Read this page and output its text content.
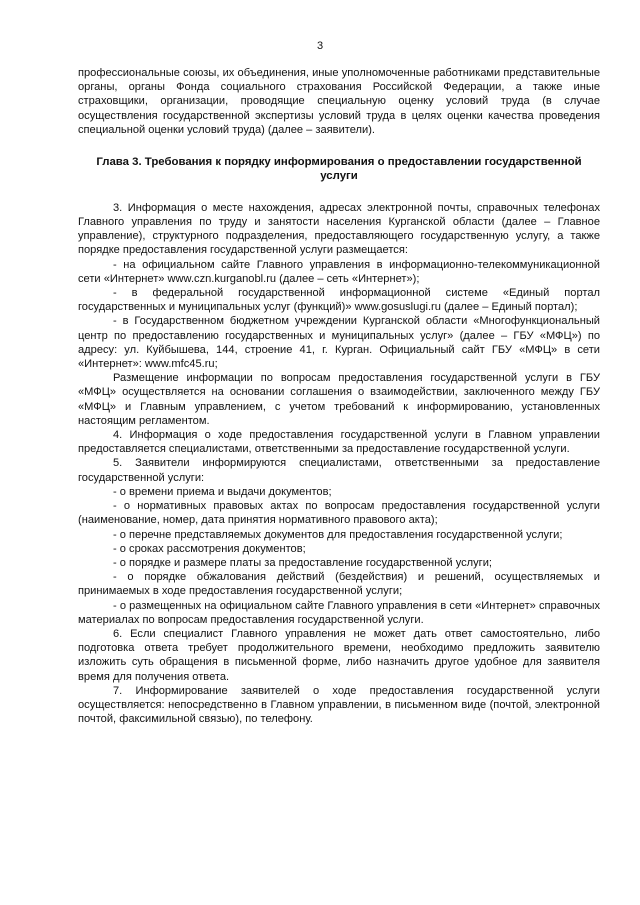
3

профессиональные союзы, их объединения, иные уполномоченные работниками представительные органы, органы Фонда социального страхования Российской Федерации, а также иные страховщики, организации, проводящие специальную оценку условий труда (в случае осуществления государственной экспертизы условий труда в целях оценки качества проведения специальной оценки условий труда) (далее – заявители).

Глава 3. Требования к порядку информирования о предоставлении государственной услуги

3. Информация о месте нахождения, адресах электронной почты, справочных телефонах Главного управления по труду и занятости населения Курганской области (далее – Главное управление), структурного подразделения, предоставляющего государственную услугу, а также порядке предоставления государственной услуги размещается:

- на официальном сайте Главного управления в информационно-телекоммуникационной сети «Интернет» www.czn.kurganobl.ru (далее – сеть «Интернет»);

- в федеральной государственной информационной системе «Единый портал государственных и муниципальных услуг (функций)» www.gosuslugi.ru (далее – Единый портал);

- в Государственном бюджетном учреждении Курганской области «Многофункциональный центр по предоставлению государственных и муниципальных услуг» (далее – ГБУ «МФЦ») по адресу: ул. Куйбышева, 144, строение 41, г. Курган. Официальный сайт ГБУ «МФЦ» в сети «Интернет»: www.mfc45.ru;

Размещение информации по вопросам предоставления государственной услуги в ГБУ «МФЦ» осуществляется на основании соглашения о взаимодействии, заключенного между ГБУ «МФЦ» и Главным управлением, с учетом требований к информированию, установленных настоящим регламентом.

4. Информация о ходе предоставления государственной услуги в Главном управлении предоставляется специалистами, ответственными за предоставление государственной услуги.

5. Заявители информируются специалистами, ответственными за предоставление государственной услуги:

- о времени приема и выдачи документов;

- о нормативных правовых актах по вопросам предоставления государственной услуги (наименование, номер, дата принятия нормативного правового акта);

- о перечне представляемых документов для предоставления государственной услуги;

- о сроках рассмотрения документов;

- о порядке и размере платы за предоставление государственной услуги;

- о порядке обжалования действий (бездействия) и решений, осуществляемых и принимаемых в ходе предоставления государственной услуги;

- о размещенных на официальном сайте Главного управления в сети «Интернет» справочных материалах по вопросам предоставления государственной услуги.

6. Если специалист Главного управления не может дать ответ самостоятельно, либо подготовка ответа требует продолжительного времени, необходимо предложить заявителю изложить суть обращения в письменной форме, либо назначить другое удобное для заявителя время для получения ответа.

7. Информирование заявителей о ходе предоставления государственной услуги осуществляется: непосредственно в Главном управлении, в письменном виде (почтой, электронной почтой, факсимильной связью), по телефону.
